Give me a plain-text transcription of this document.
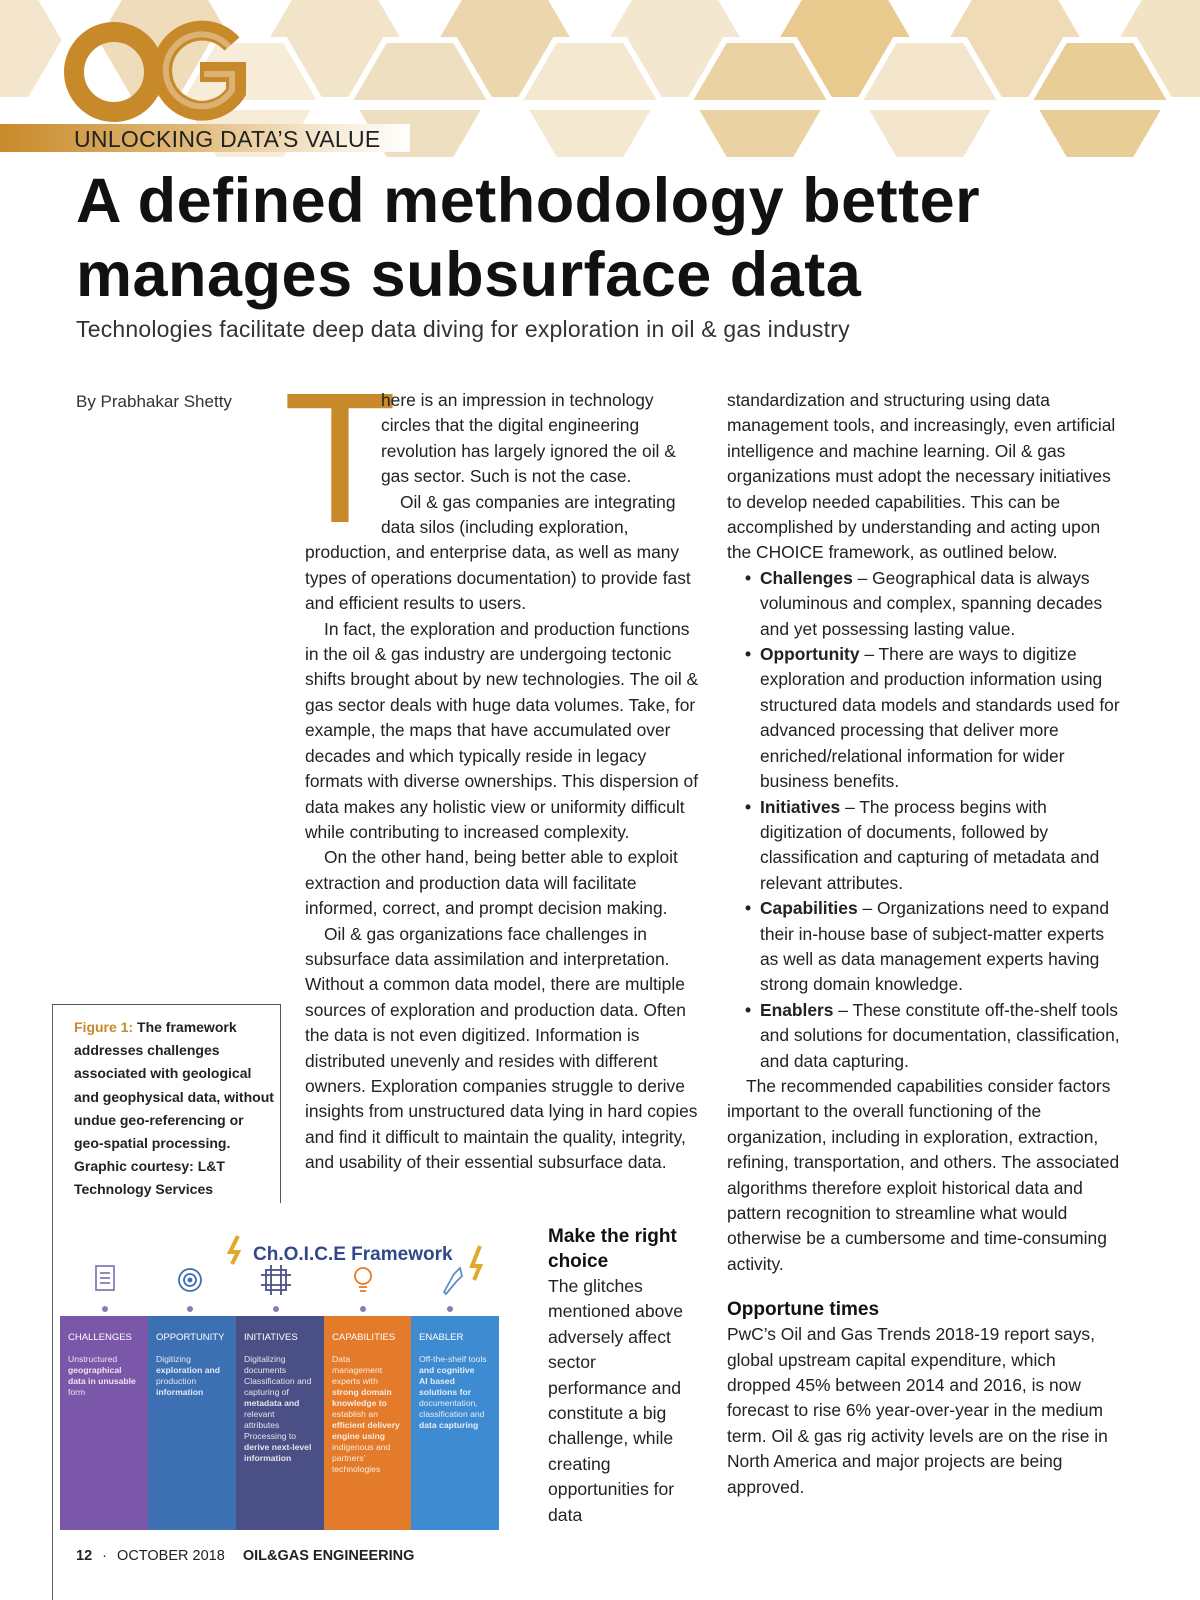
UNLOCKING DATA’S VALUE
A defined methodology better manages subsurface data
Technologies facilitate deep data diving for exploration in oil & gas industry
By Prabhakar Shetty T

here is an impression in technology circles that the digital engineering revolution has largely ignored the oil & gas sector. Such is not the case.

Oil & gas companies are integrating data silos (including exploration, production, and enterprise data, as well as many types of operations documentation) to provide fast and efficient results to users.

In fact, the exploration and production functions in the oil & gas industry are undergoing tectonic shifts brought about by new technologies. The oil & gas sector deals with huge data volumes. Take, for example, the maps that have accumulated over decades and which typically reside in legacy formats with diverse ownerships. This dispersion of data makes any holistic view or uniformity difficult while contributing to increased complexity.

On the other hand, being better able to exploit extraction and production data will facilitate informed, correct, and prompt decision making.

Oil & gas organizations face challenges in subsurface data assimilation and interpretation. Without a common data model, there are multiple sources of exploration and production data. Often the data is not even digitized. Information is distributed unevenly and resides with different owners. Exploration companies struggle to derive insights from unstructured data lying in hard copies and find it difficult to maintain the quality, integrity, and usability of their essential subsurface data.

standardization and structuring using data management tools, and increasingly, even artificial intelligence and machine learning. Oil & gas organizations must adopt the necessary initiatives to develop needed capabilities. This can be accomplished by understanding and acting upon the CHOICE framework, as outlined below.

• Challenges – Geographical data is always voluminous and complex, spanning decades and yet possessing lasting value.
• Opportunity – There are ways to digitize exploration and production information using structured data models and standards used for advanced processing that deliver more enriched/relational information for wider business benefits.
• Initiatives – The process begins with digitization of documents, followed by classification and capturing of metadata and relevant attributes.
• Capabilities – Organizations need to expand their in-house base of subject-matter experts as well as data management experts having strong domain knowledge.
• Enablers – These constitute off-the-shelf tools and solutions for documentation, classification, and data capturing.

The recommended capabilities consider factors important to the overall functioning of the organization, including in exploration, extraction, refining, transportation, and others. The associated algorithms therefore exploit historical data and pattern recognition to streamline what would otherwise be a cumbersome and time-consuming activity.

Opportune times

PwC’s Oil and Gas Trends 2018-19 report says, global upstream capital expenditure, which dropped 45% between 2014 and 2016, is now forecast to rise 6% year-over-year in the medium term. Oil & gas rig activity levels are on the rise in North America and major projects are being approved.

Make the right choice
The glitches mentioned above adversely affect sector performance and constitute a big challenge, while creating opportunities for data
Figure 1: The framework addresses challenges associated with geological and geophysical data, without undue geo-referencing or geo-spatial processing. Graphic courtesy: L&T Technology Services
Ch.O.I.C.E Framework
CHALLENGES
Unstructured
geographical
data in unusable
form
OPPORTUNITY
Digitizing
exploration and
production
information
INITIATIVES
Digitalizing
documents
Classification and
capturing of
metadata and
relevant
attributes
Processing to
derive next-level
information
CAPABILITIES
Data
management
experts with
strong domain
knowledge to
establish an
efficient delivery
engine using
indigenous and
partners'
technologies
ENABLER
Off-the-shelf tools
and cognitive
AI based
solutions for
documentation,
classification and
data capturing
12 · OCTOBER 2018 OIL&GAS ENGINEERING
